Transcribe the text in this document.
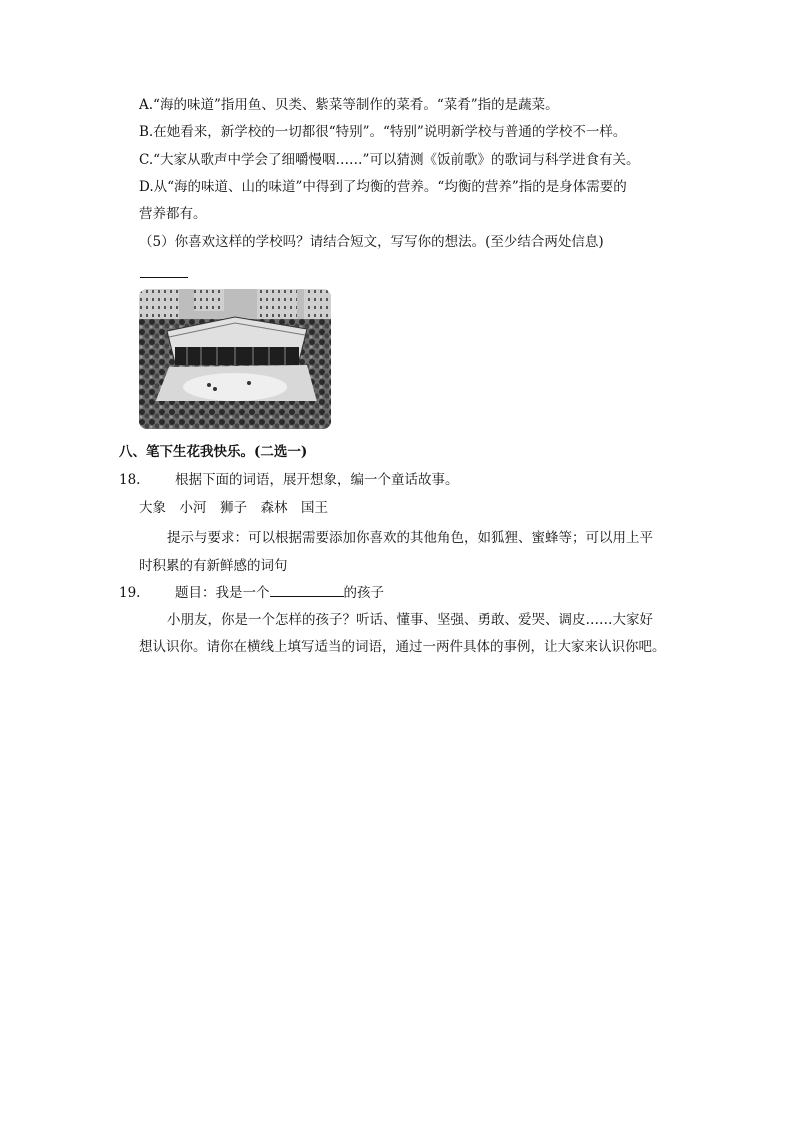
A.“海的味道”指用鱼、贝类、紫菜等制作的菜肴。“菜肴”指的是蔬菜。
B.在她看来，新学校的一切都很“特别”。“特别”说明新学校与普通的学校不一样。
C.“大家从歌声中学会了细嚼慢咽……”可以猜测《饭前歌》的歌词与科学进食有关。
D.从“海的味道、山的味道”中得到了均衡的营养。“均衡的营养”指的是身体需要的
营养都有。
（5）你喜欢这样的学校吗？请结合短文，写写你的想法。(至少结合两处信息)
八、笔下生花我快乐。(二选一)
18.	根据下面的词语，展开想象，编一个童话故事。
大象　小河　狮子　森林　国王
提示与要求：可以根据需要添加你喜欢的其他角色，如狐狸、蜜蜂等；可以用上平
时积累的有新鲜感的词句
19.	题目：我是一个	的孩子
小朋友，你是一个怎样的孩子？听话、懂事、坚强、勇敢、爱哭、调皮……大家好
想认识你。请你在横线上填写适当的词语，通过一两件具体的事例，让大家来认识你吧。
